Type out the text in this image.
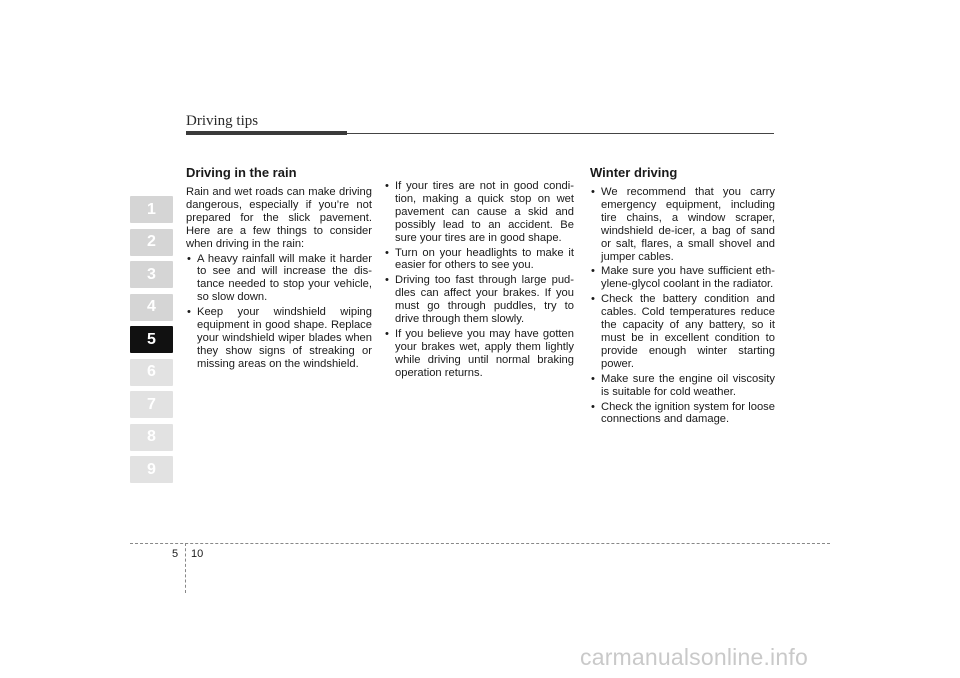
Driving tips
1
2
3
4
5
6
7
8
9
Driving in the rain

Rain and wet roads can make driving dangerous, especially if you’re not prepared for the slick pavement. Here are a few things to consider when driving in the rain:

• A heavy rainfall will make it harder to see and will increase the dis-tance needed to stop your vehicle, so slow down.
• Keep your windshield wiping equipment in good shape. Replace your windshield wiper blades when they show signs of streaking or missing areas on the windshield.
• If your tires are not in good condi-tion, making a quick stop on wet pavement can cause a skid and possibly lead to an accident. Be sure your tires are in good shape.
• Turn on your headlights to make it easier for others to see you.
• Driving too fast through large pud-dles can affect your brakes. If you must go through puddles, try to drive through them slowly.
• If you believe you may have gotten your brakes wet, apply them lightly while driving until normal braking operation returns.
Winter driving
• We recommend that you carry emergency equipment, including tire chains, a window scraper, windshield de-icer, a bag of sand or salt, flares, a small shovel and jumper cables.
• Make sure you have sufficient eth-ylene-glycol coolant in the radiator.
• Check the battery condition and cables. Cold temperatures reduce the capacity of any battery, so it must be in excellent condition to provide enough winter starting power.
• Make sure the engine oil viscosity is suitable for cold weather.
• Check the ignition system for loose connections and damage.
5 10
carmanualsonline.info
